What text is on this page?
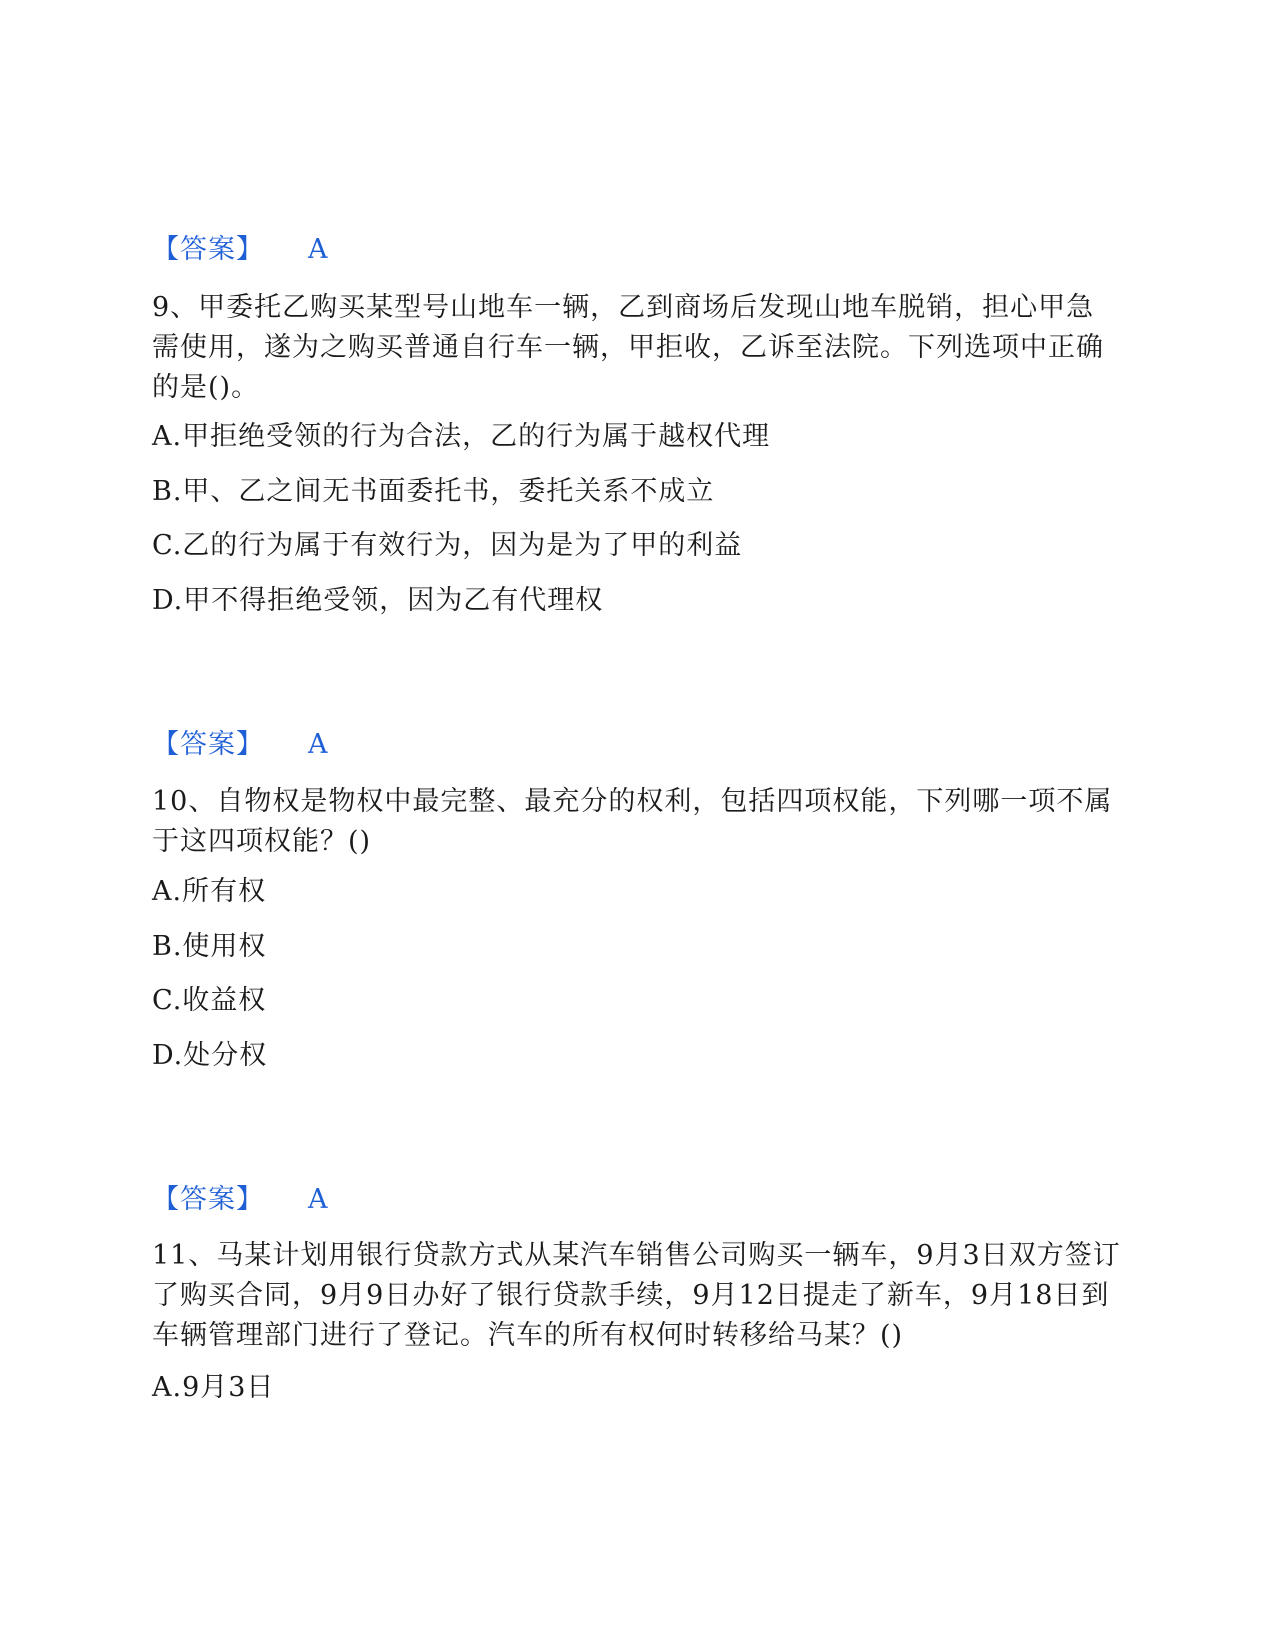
【答案】 A
9、甲委托乙购买某型号山地车一辆，乙到商场后发现山地车脱销，担心甲急需使用，遂为之购买普通自行车一辆，甲拒收，乙诉至法院。下列选项中正确的是()。
A.甲拒绝受领的行为合法，乙的行为属于越权代理
B.甲、乙之间无书面委托书，委托关系不成立
C.乙的行为属于有效行为，因为是为了甲的利益
D.甲不得拒绝受领，因为乙有代理权
【答案】 A
10、自物权是物权中最完整、最充分的权利，包括四项权能，下列哪一项不属于这四项权能？()
A.所有权
B.使用权
C.收益权
D.处分权
【答案】 A
11、马某计划用银行贷款方式从某汽车销售公司购买一辆车，9月3日双方签订了购买合同，9月9日办好了银行贷款手续，9月12日提走了新车，9月18日到车辆管理部门进行了登记。汽车的所有权何时转移给马某？()
A.9月3日
